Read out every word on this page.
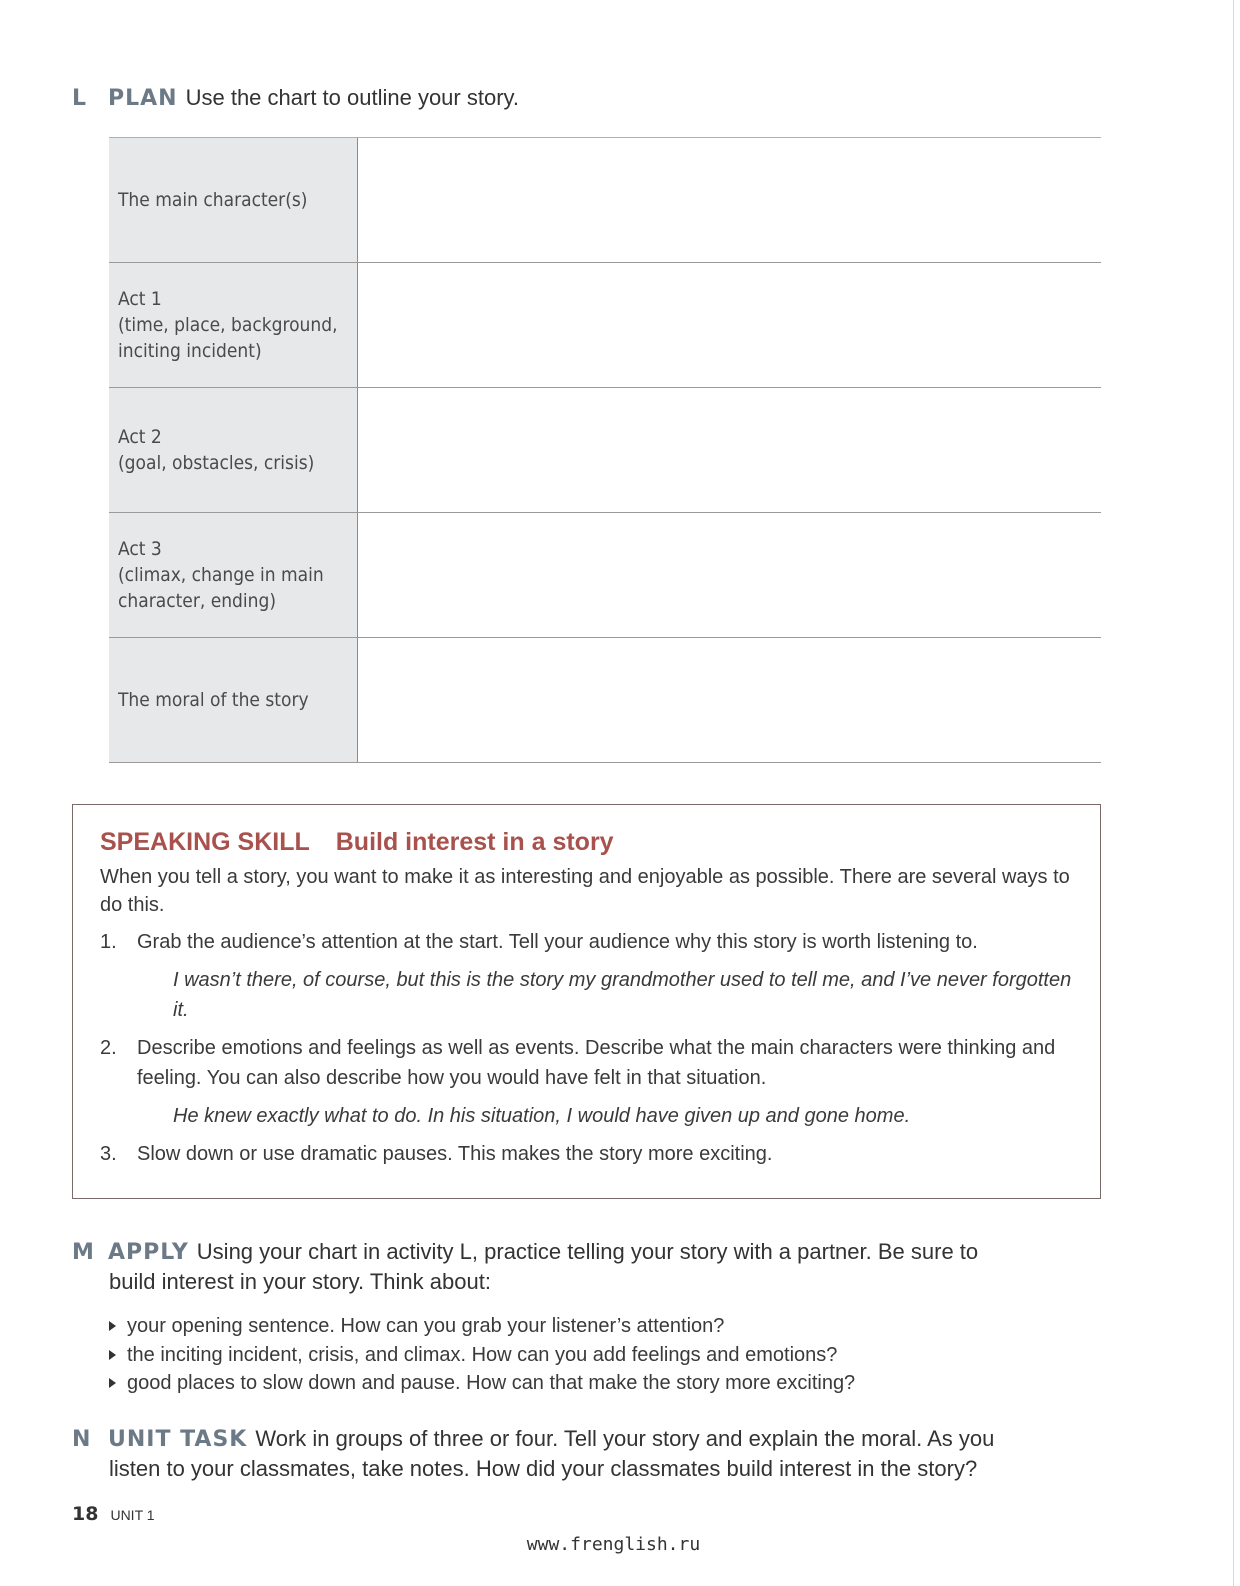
L PLAN Use the chart to outline your story.
The main character(s)
Act 1
(time, place, background,
inciting incident)
Act 2
(goal, obstacles, crisis)
Act 3
(climax, change in main
character, ending)
The moral of the story
SPEAKING SKILL Build interest in a story
When you tell a story, you want to make it as interesting and enjoyable as possible. There are several ways to do this.
1.	Grab the audience’s attention at the start. Tell your audience why this story is worth listening to.
I wasn’t there, of course, but this is the story my grandmother used to tell me, and I’ve never forgotten it.
2.	Describe emotions and feelings as well as events. Describe what the main characters were thinking and feeling. You can also describe how you would have felt in that situation.
He knew exactly what to do. In his situation, I would have given up and gone home.
3.	Slow down or use dramatic pauses. This makes the story more exciting.
M APPLY Using your chart in activity L, practice telling your story with a partner. Be sure to
build interest in your story. Think about:
your opening sentence. How can you grab your listener’s attention?
the inciting incident, crisis, and climax. How can you add feelings and emotions?
good places to slow down and pause. How can that make the story more exciting?
N UNIT TASK Work in groups of three or four. Tell your story and explain the moral. As you
listen to your classmates, take notes. How did your classmates build interest in the story?
18 UNIT 1
www.frenglish.ru
